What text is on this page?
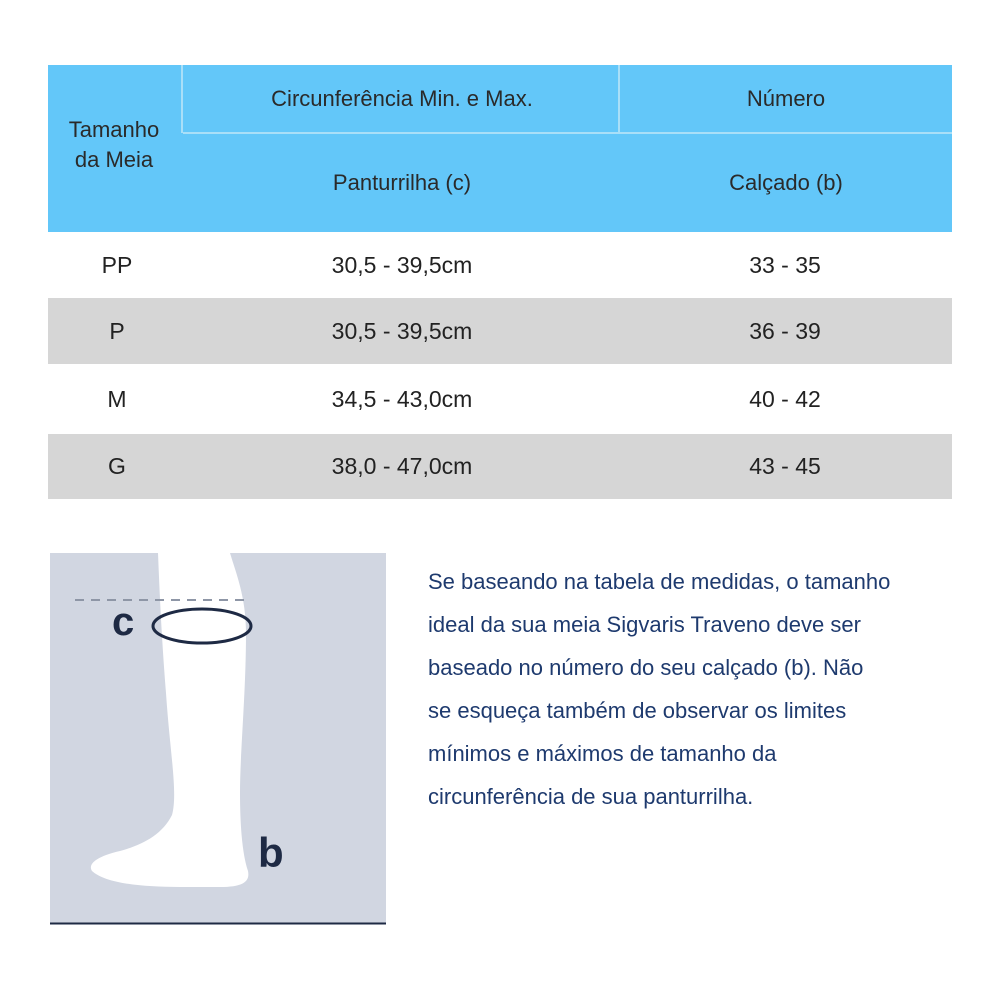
Tamanho da Meia
Circunferência Min. e Max.	Número
Panturrilha (c)	Calçado (b)
PP	30,5 - 39,5cm	33 - 35
P	30,5 - 39,5cm	36 - 39
M	34,5 - 43,0cm	40 - 42
G	38,0 - 47,0cm	43 - 45
c
b

Se baseando na tabela de medidas, o tamanho

ideal da sua meia Sigvaris Traveno deve ser

baseado no número do seu calçado (b). Não

se esqueça também de observar os limites

mínimos e máximos de tamanho da

circunferência de sua panturrilha.
